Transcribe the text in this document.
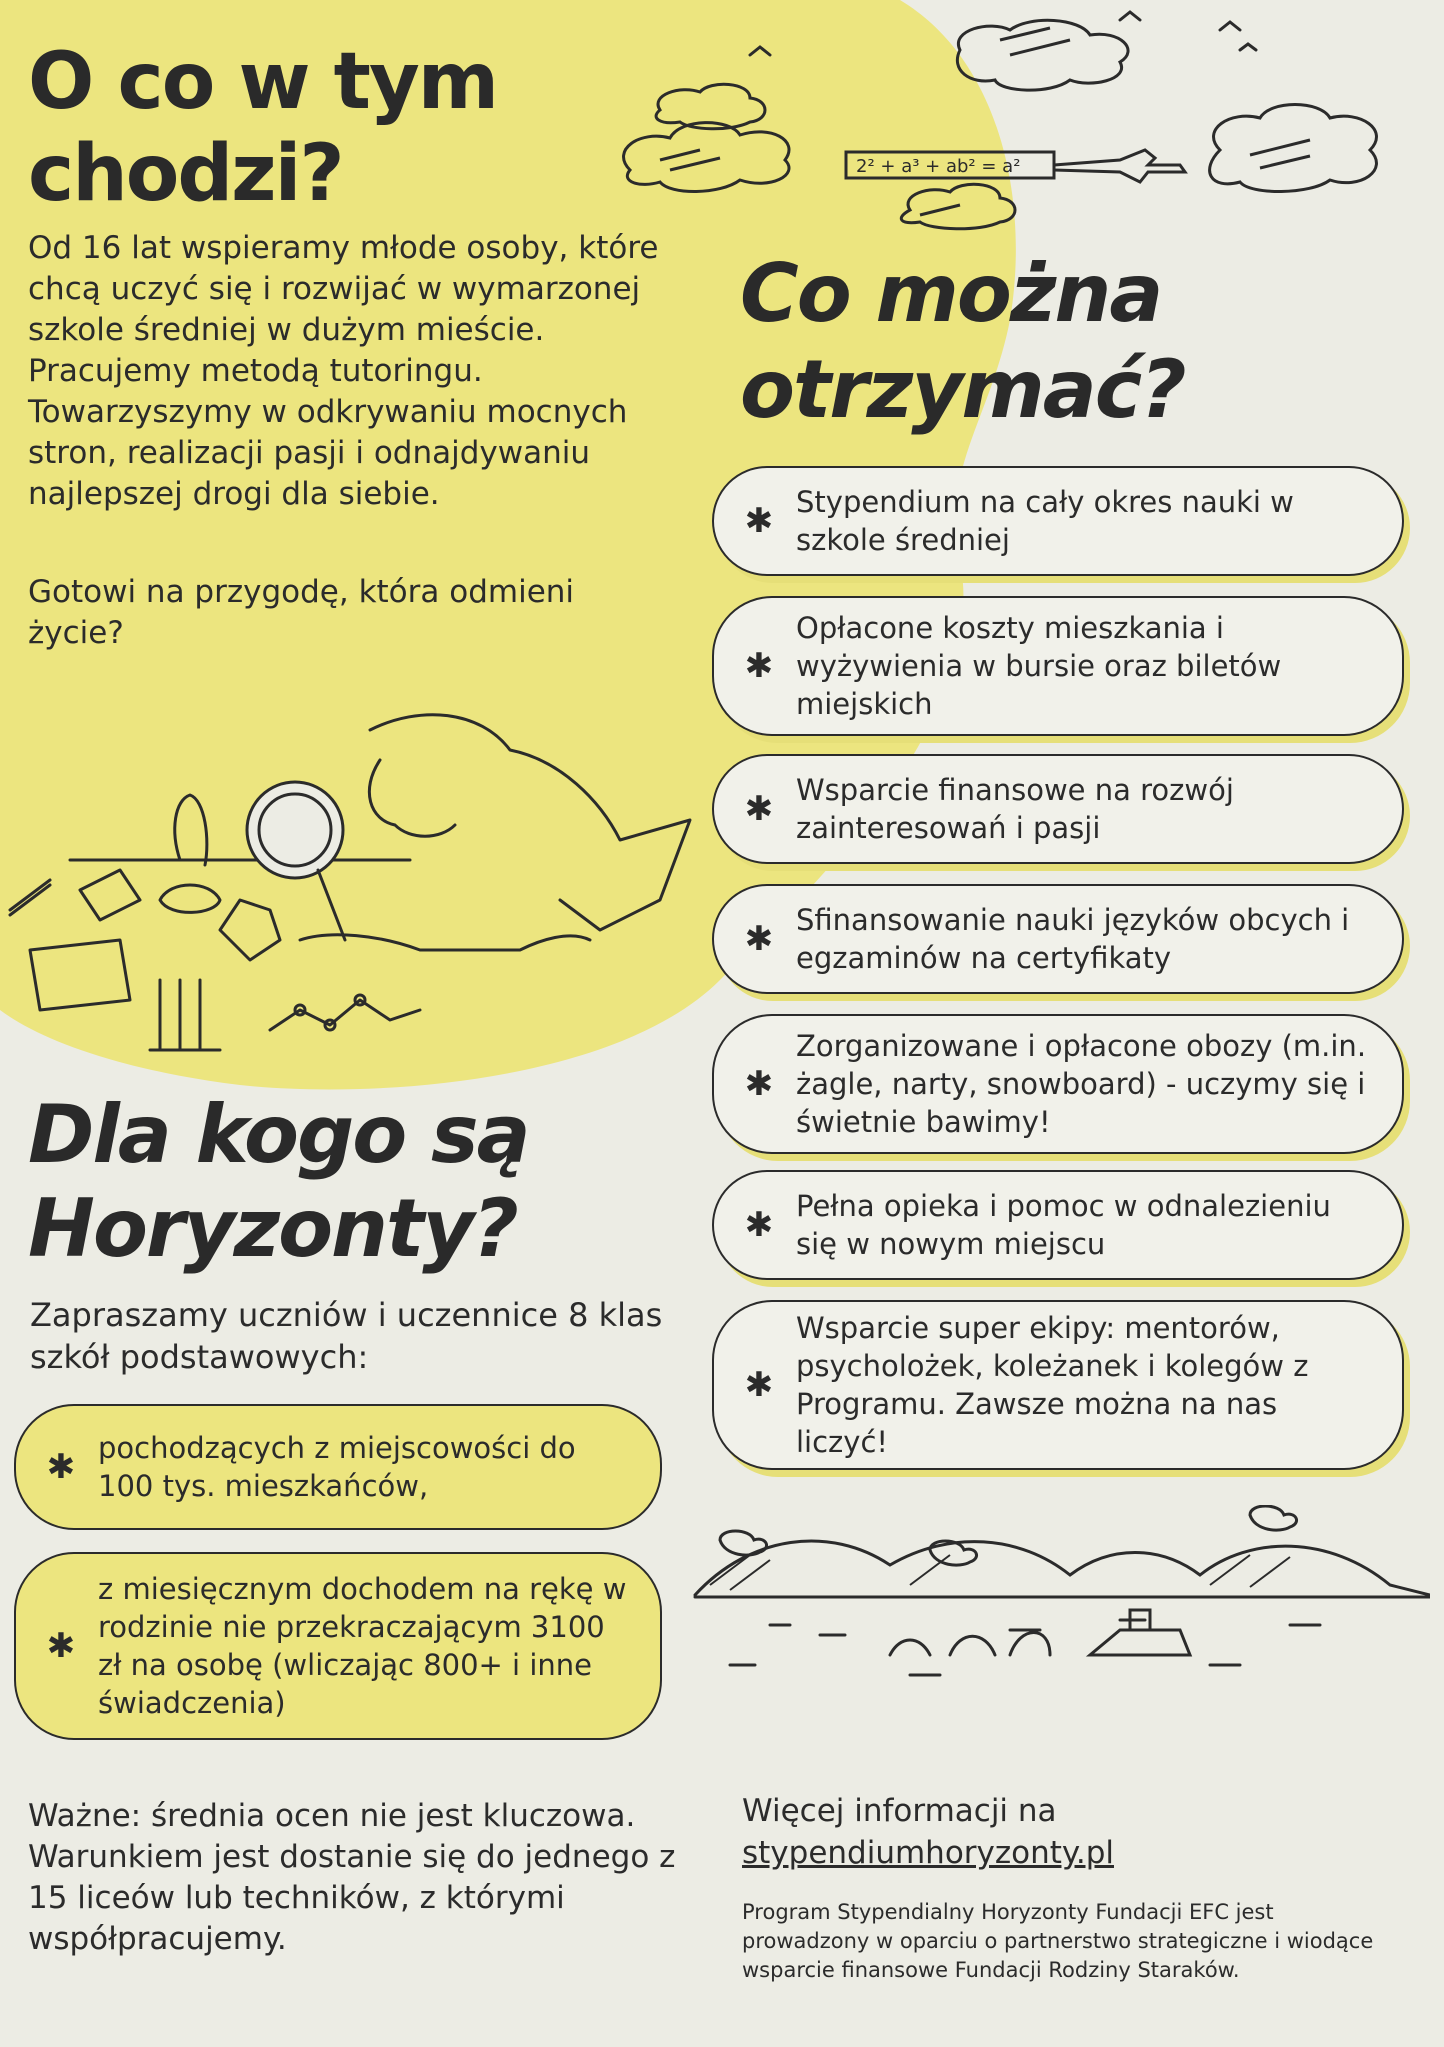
2² + a³ + ab² = a²
O co w tym chodzi?

Od 16 lat wspieramy młode osoby, które chcą uczyć się i rozwijać w wymarzonej szkole średniej w dużym mieście. Pracujemy metodą tutoringu. Towarzyszymy w odkrywaniu mocnych stron, realizacji pasji i odnajdywaniu najlepszej drogi dla siebie.

Gotowi na przygodę, która odmieni życie?

Co można otrzymać?
✱ Stypendium na cały okres nauki w szkole średniej
✱
Opłacone koszty mieszkania i wyżywienia w bursie oraz biletów miejskich
✱ Wsparcie finansowe na rozwój zainteresowań i pasji
✱ Sfinansowanie nauki języków obcych i egzaminów na certyfikaty
✱
Zorganizowane i opłacone obozy (m.in. żagle, narty, snowboard) - uczymy się i świetnie bawimy!
✱ Pełna opieka i pomoc w odnalezieniu się w nowym miejscu
✱
Wsparcie super ekipy: mentorów, psycholożek, koleżanek i kolegów z Programu. Zawsze można na nas liczyć!
Dla kogo są Horyzonty?

Zapraszamy uczniów i uczennice 8 klas szkół podstawowych:

✱ pochodzących z miejscowości do 100 tys. mieszkańców,
✱
z miesięcznym dochodem na rękę w rodzinie nie przekraczającym 3100 zł na osobę (wliczając 800+ i inne świadczenia)

Ważne: średnia ocen nie jest kluczowa. Warunkiem jest dostanie się do jednego z 15 liceów lub techników, z którymi współpracujemy.

Więcej informacji na

stypendiumhoryzonty.pl

Program Stypendialny Horyzonty Fundacji EFC jest prowadzony w oparciu o partnerstwo strategiczne i wiodące wsparcie finansowe Fundacji Rodziny Staraków.
